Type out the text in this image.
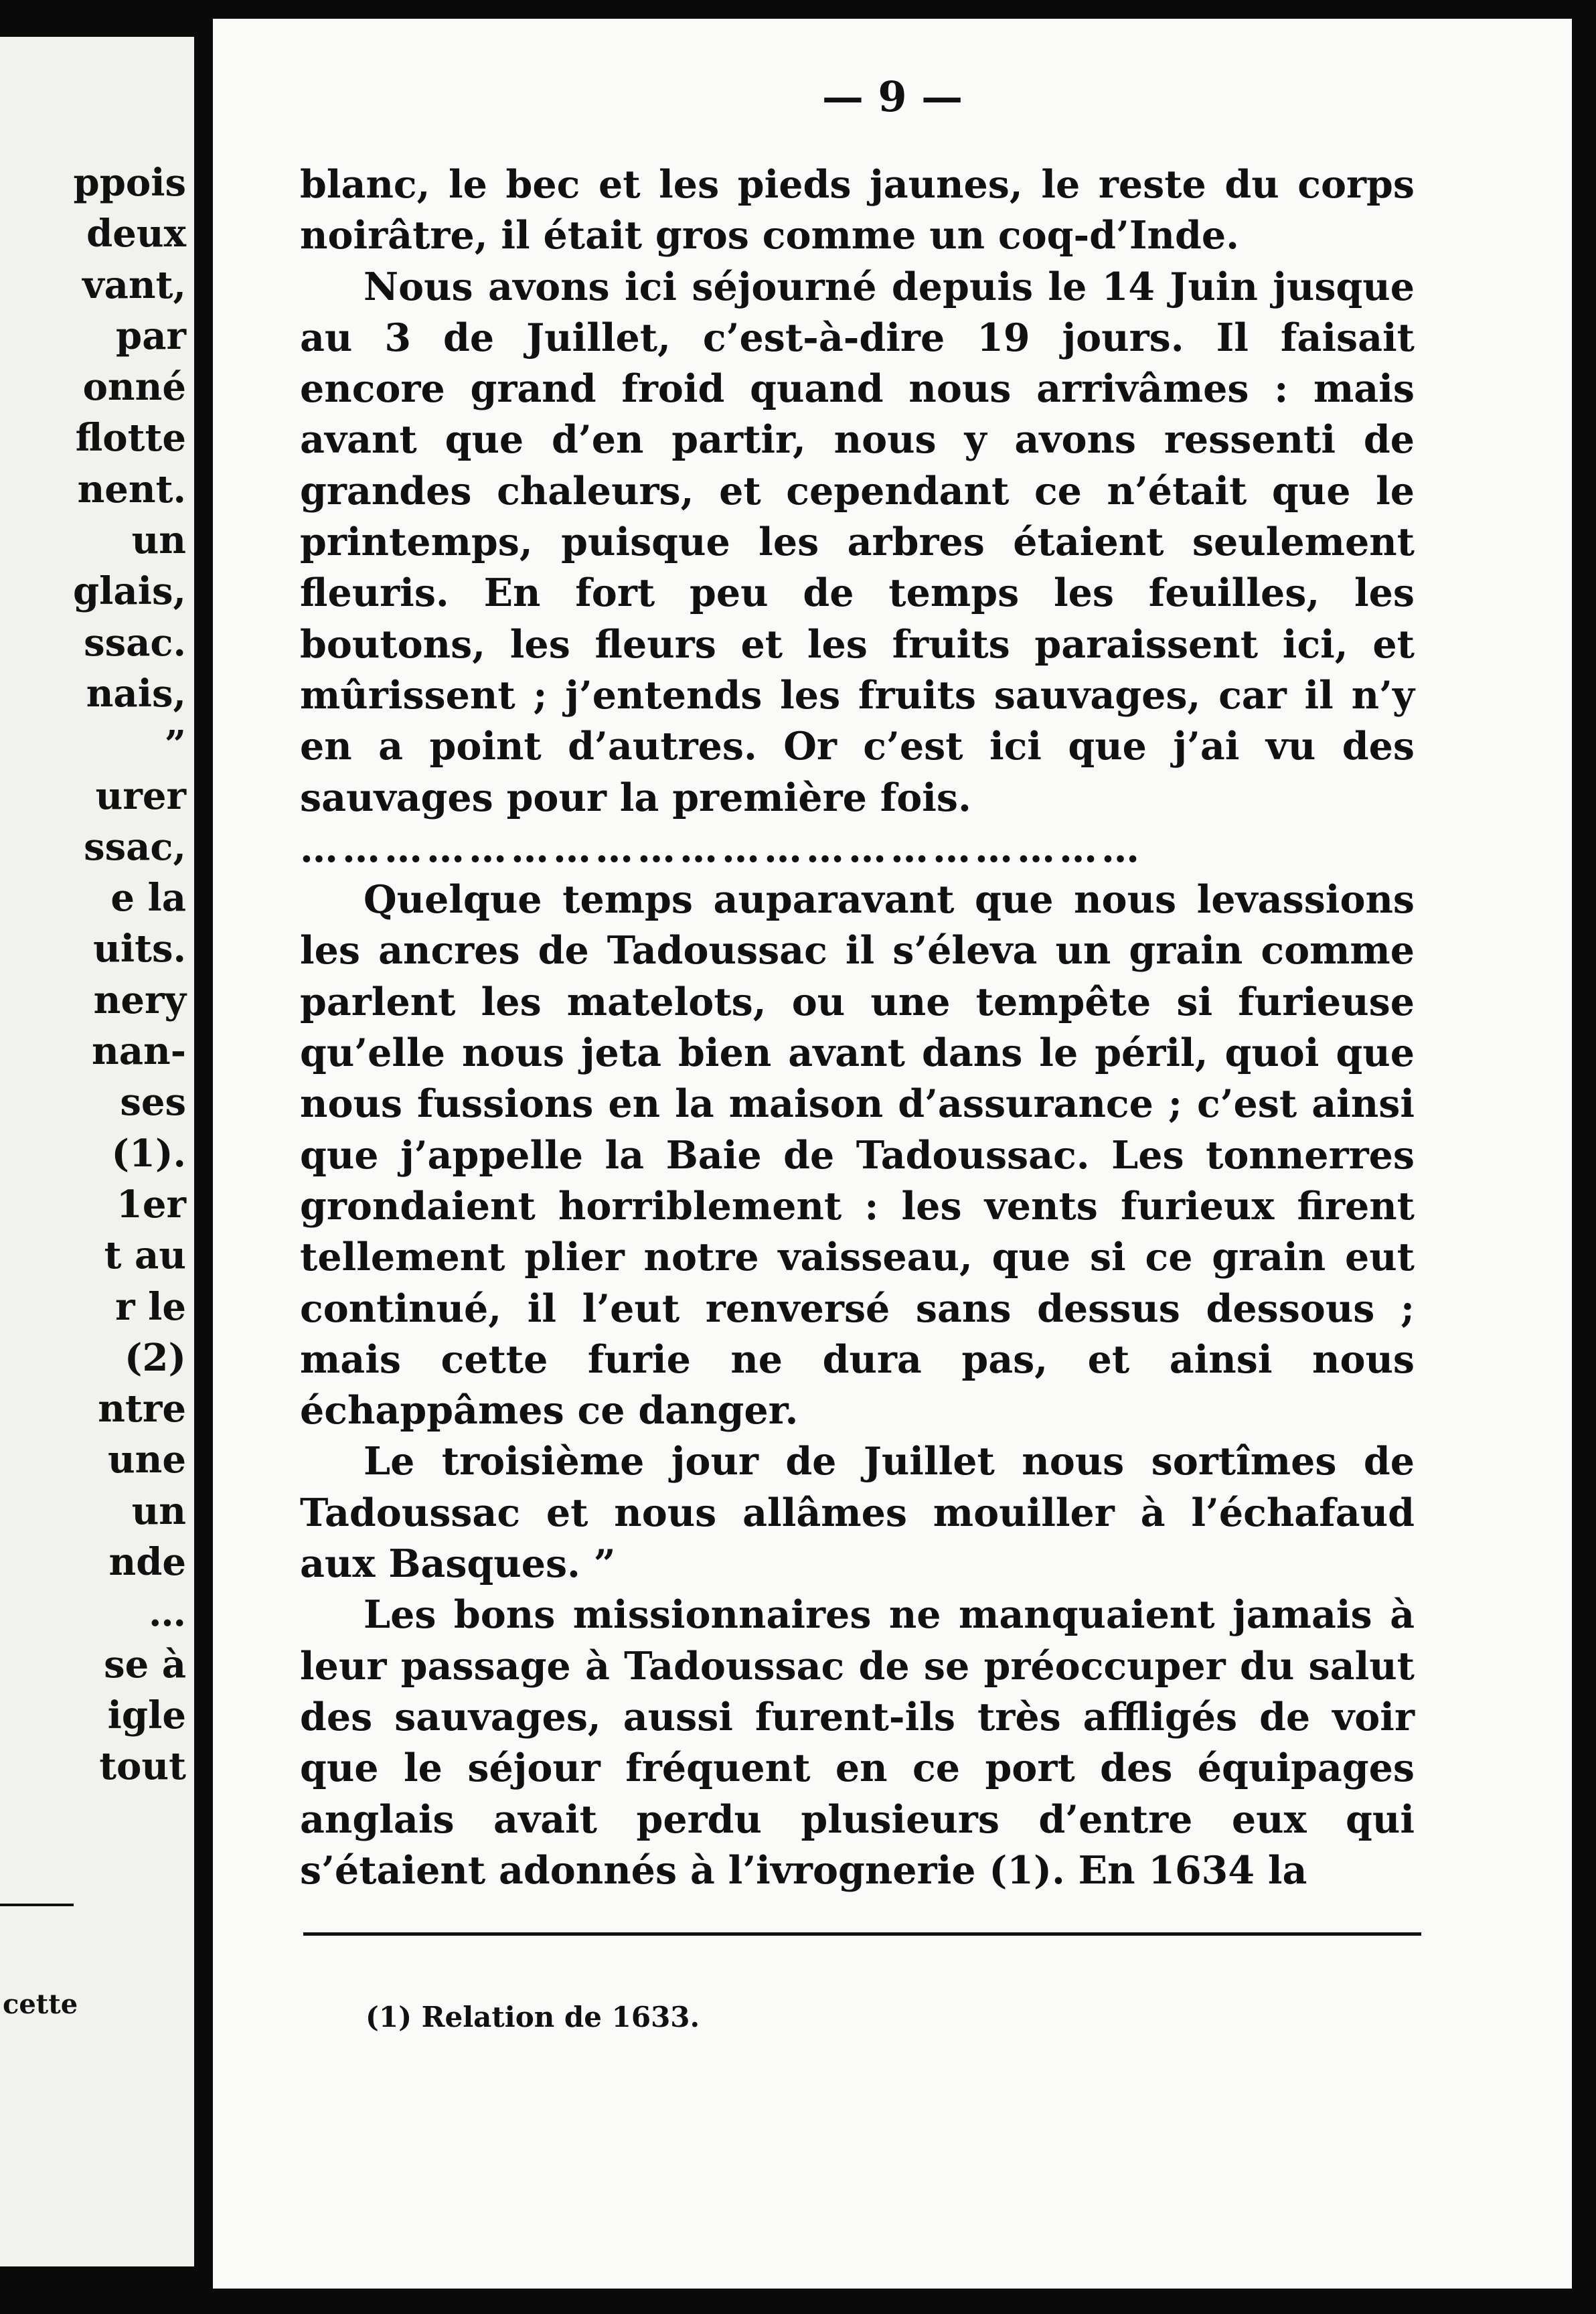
ppois
deux
vant,
par
onné
flotte
nent.
un
glais,
ssac.
nais,
”
urer
ssac,
e la
uits.
nery
nan-
ses
(1).
1er
t au
r le
(2)
ntre
une
un
nde
…
se à
igle
tout
cette
— 9 —

blanc, le bec et les pieds jaunes, le reste du corps noirâtre, il était gros comme un coq-d’Inde.

Nous avons ici séjourné depuis le 14 Juin jusque au 3 de Juillet, c’est-à-dire 19 jours. Il faisait encore grand froid quand nous arrivâmes : mais avant que d’en partir, nous y avons ressenti de grandes chaleurs, et cependant ce n’était que le printemps, puisque les arbres étaient seulement fleuris. En fort peu de temps les feuilles, les boutons, les fleurs et les fruits paraissent ici, et mûrissent ; j’entends les fruits sauvages, car il n’y en a point d’autres. Or c’est ici que j’ai vu des sauvages pour la première fois.

……………………………………………………

Quelque temps auparavant que nous levassions les ancres de Tadoussac il s’éleva un grain comme parlent les matelots, ou une tempête si furieuse qu’elle nous jeta bien avant dans le péril, quoi que nous fussions en la maison d’assurance ; c’est ainsi que j’appelle la Baie de Tadoussac. Les tonnerres grondaient horriblement : les vents furieux firent tellement plier notre vaisseau, que si ce grain eut continué, il l’eut renversé sans dessus dessous ; mais cette furie ne dura pas, et ainsi nous échappâmes ce danger.

Le troisième jour de Juillet nous sortîmes de Tadoussac et nous allâmes mouiller à l’échafaud aux Basques. ”

Les bons missionnaires ne manquaient jamais à leur passage à Tadoussac de se préoccuper du salut des sauvages, aussi furent-ils très affligés de voir que le séjour fréquent en ce port des équipages anglais avait perdu plusieurs d’entre eux qui s’étaient adonnés à l’ivrognerie (1). En 1634 la

(1) Relation de 1633.
